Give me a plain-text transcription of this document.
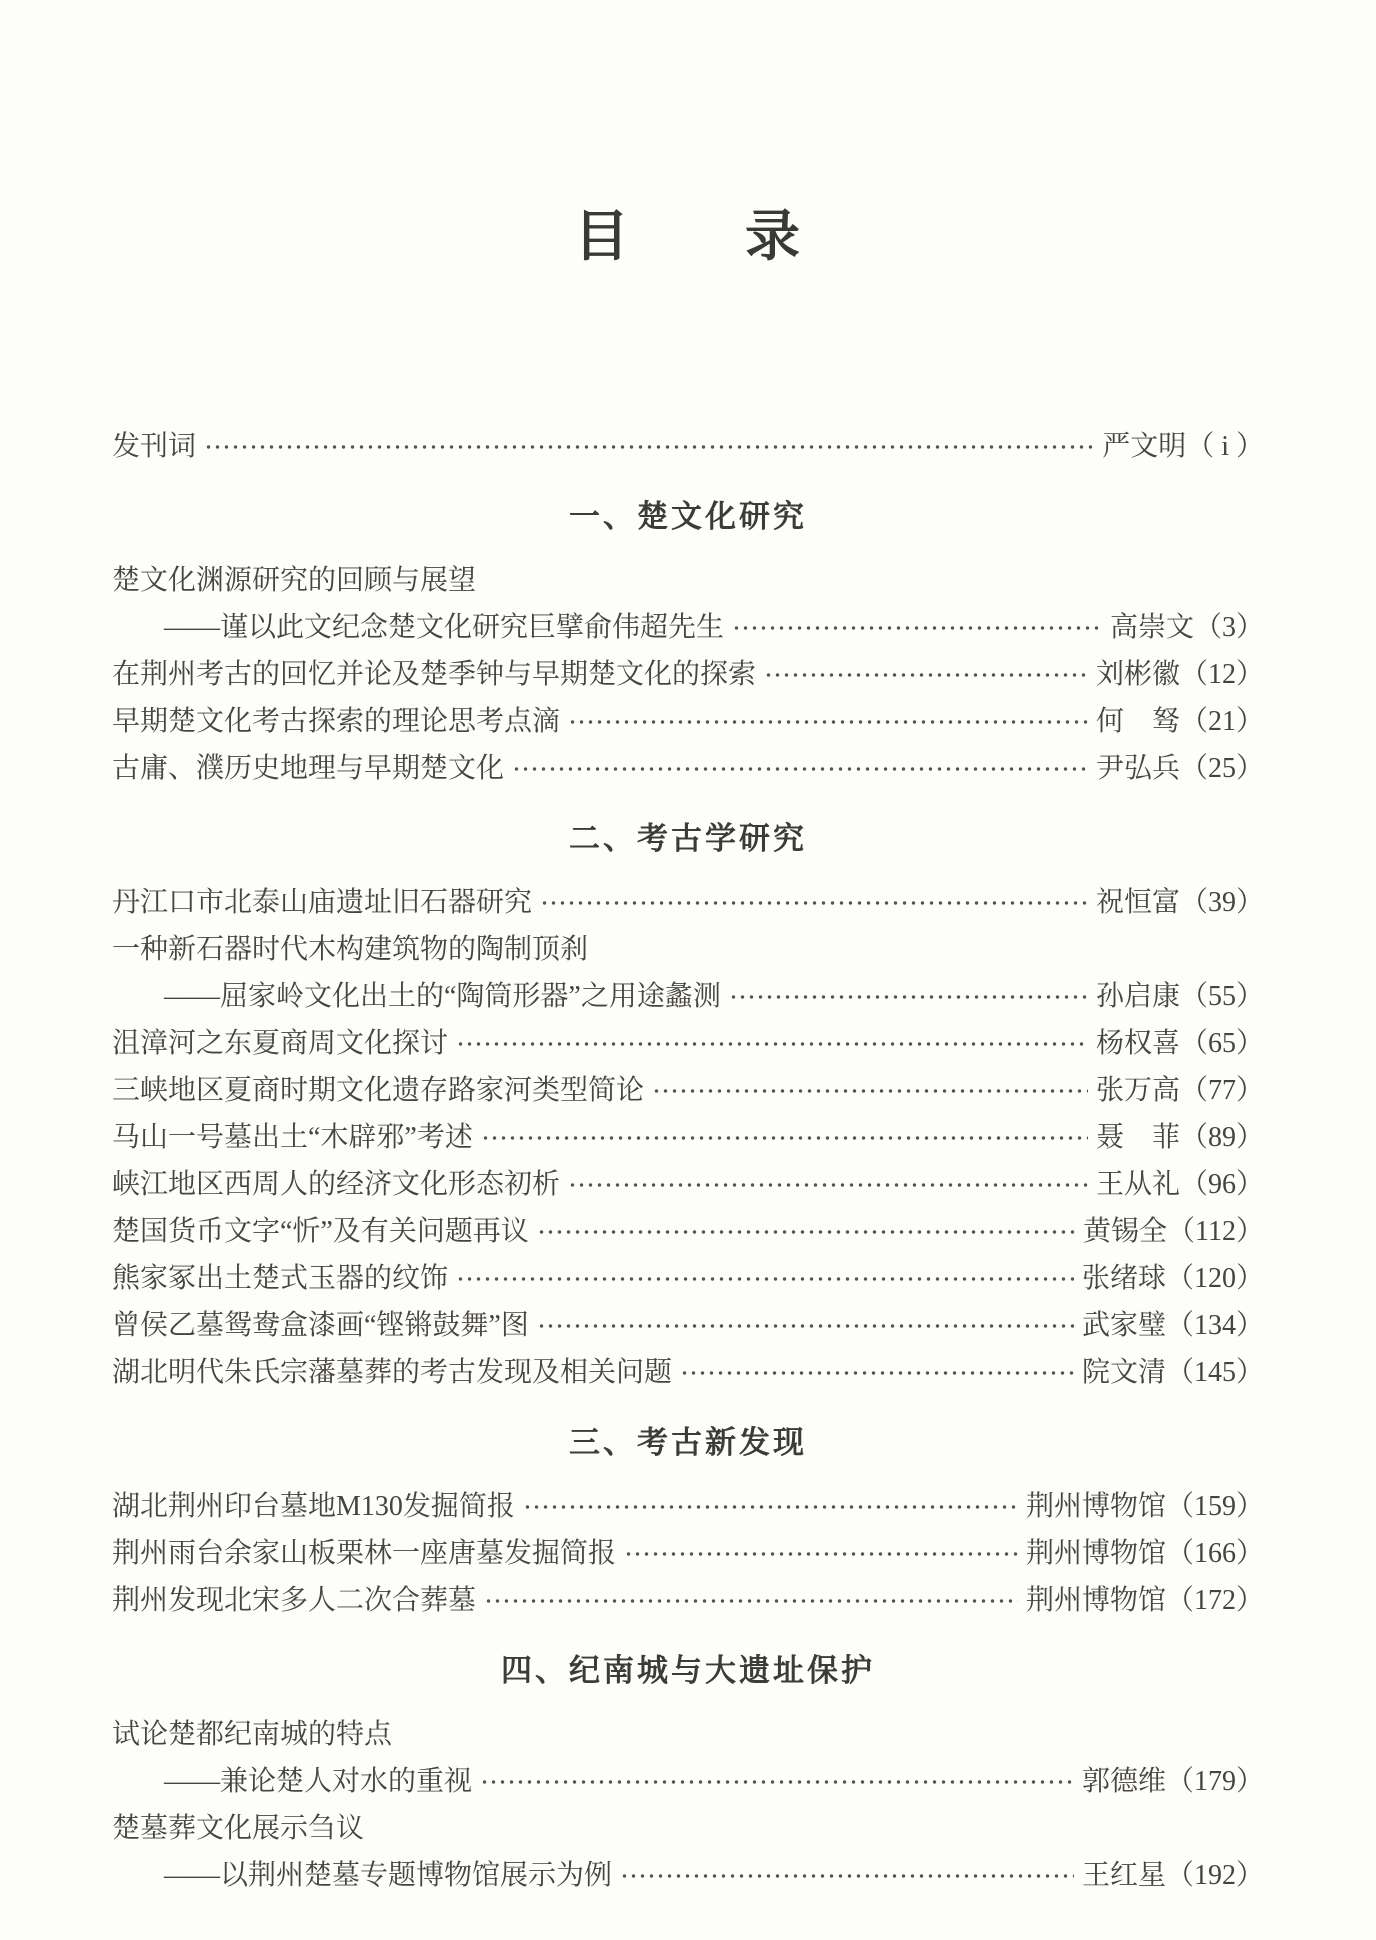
目　　录
发刊词	严文明 （ i ）
一、楚文化研究
楚文化渊源研究的回顾与展望
——谨以此文纪念楚文化研究巨擘俞伟超先生	高崇文 （3）
在荆州考古的回忆并论及楚季钟与早期楚文化的探索	刘彬徽 （12）
早期楚文化考古探索的理论思考点滴	何　驽 （21）
古庸、濮历史地理与早期楚文化	尹弘兵 （25）
二、考古学研究
丹江口市北泰山庙遗址旧石器研究	祝恒富 （39）
一种新石器时代木构建筑物的陶制顶刹
——屈家岭文化出土的“陶筒形器”之用途蠡测	孙启康 （55）
沮漳河之东夏商周文化探讨	杨权喜 （65）
三峡地区夏商时期文化遗存路家河类型简论	张万高 （77）
马山一号墓出土“木辟邪”考述	聂　菲 （89）
峡江地区西周人的经济文化形态初析	王从礼 （96）
楚国货币文字“忻”及有关问题再议	黄锡全 （112）
熊家冢出土楚式玉器的纹饰	张绪球 （120）
曾侯乙墓鸳鸯盒漆画“铿锵鼓舞”图	武家璧 （134）
湖北明代朱氏宗藩墓葬的考古发现及相关问题	院文清 （145）
三、考古新发现
湖北荆州印台墓地M130发掘简报	荆州博物馆 （159）
荆州雨台余家山板栗林一座唐墓发掘简报	荆州博物馆 （166）
荆州发现北宋多人二次合葬墓	荆州博物馆 （172）
四、纪南城与大遗址保护
试论楚都纪南城的特点
——兼论楚人对水的重视	郭德维 （179）
楚墓葬文化展示刍议
——以荆州楚墓专题博物馆展示为例	王红星 （192）
